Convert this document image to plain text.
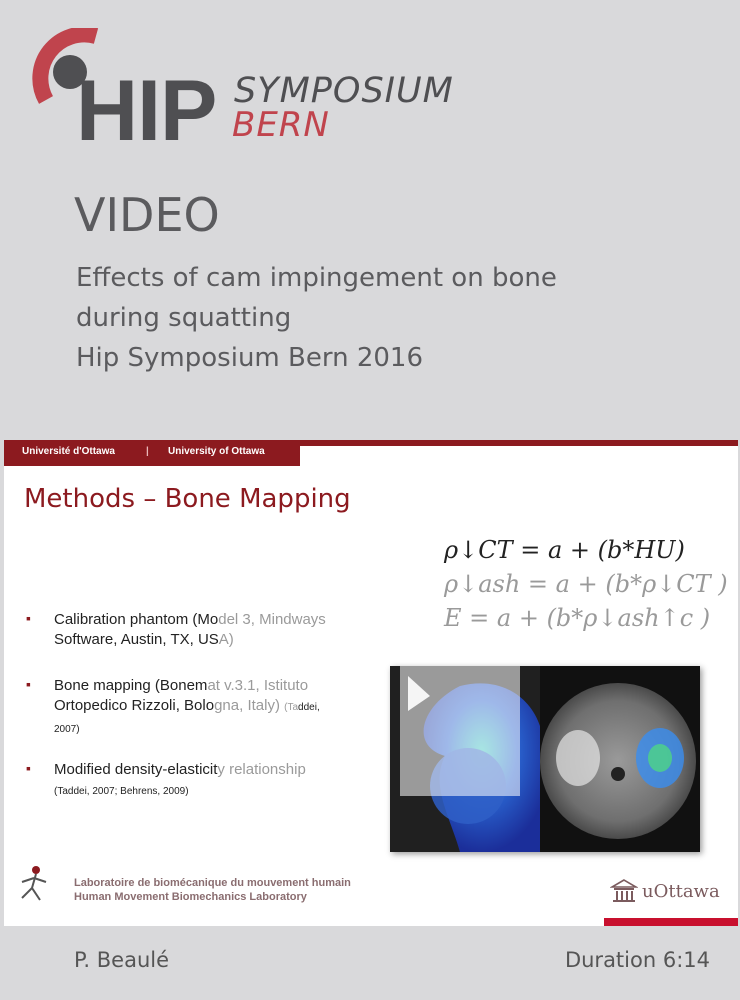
HIP SYMPOSIUM
BERN
VIDEO
Effects of cam impingement on bone
during squatting
Hip Symposium Bern 2016
Université d'Ottawa	| University of Ottawa
Methods – Bone Mapping
ρ↓CT = a + (b*HU)
ρ↓ash = a + (b*ρ↓CT )
E = a + (b*ρ↓ash↑c )
▪ Calibration phantom (Model 3, Mindways
Software, Austin, TX, USA)
▪ Bone mapping (Bonemat v.3.1, Istituto
Ortopedico Rizzoli, Bologna, Italy) (Taddei,
2007)
▪ Modified density-elasticity relationship
(Taddei, 2007; Behrens, 2009)
Laboratoire de biomécanique du mouvement humain
Human Movement Biomechanics Laboratory	uOttawa
P. Beaulé	Duration 6:14
